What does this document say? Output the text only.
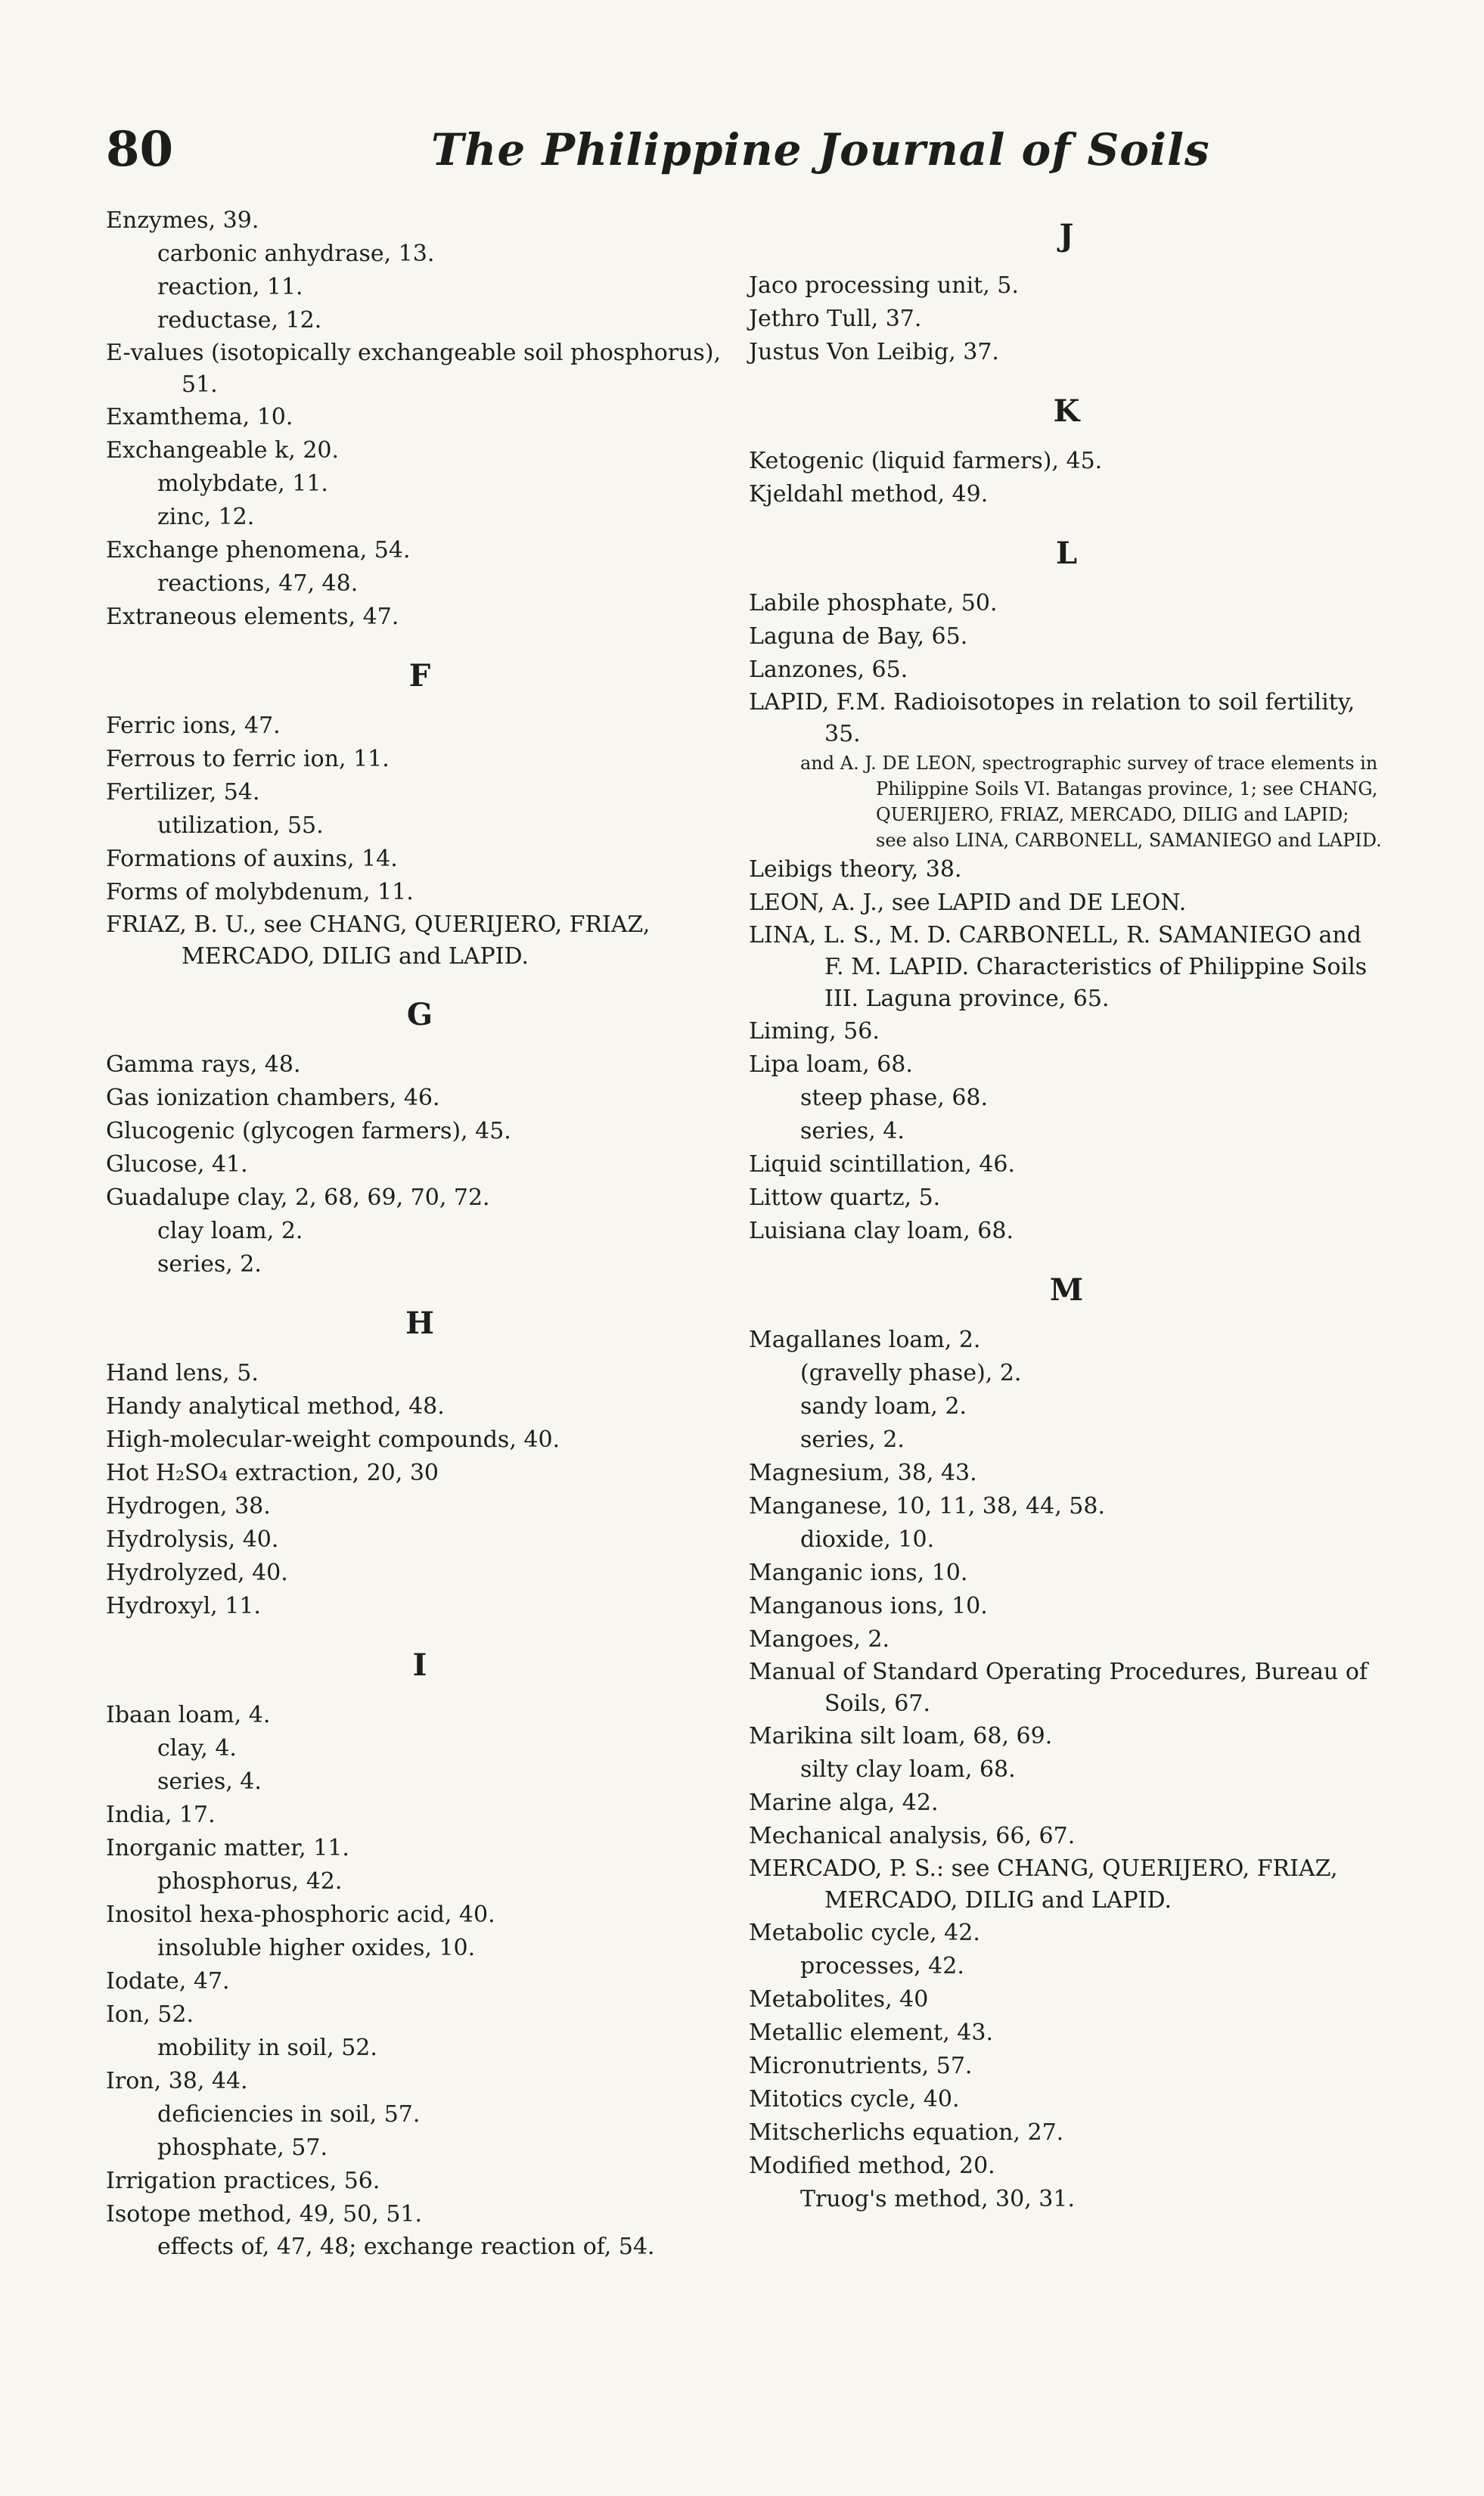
80	The Philippine Journal of Soils
Enzymes, 39.
carbonic anhydrase, 13.
reaction, 11.
reductase, 12.
E-values (isotopically exchangeable soil phosphorus), 51.
Examthema, 10.
Exchangeable k, 20.
molybdate, 11.
zinc, 12.
Exchange phenomena, 54.
reactions, 47, 48.
Extraneous elements, 47.
F
Ferric ions, 47.
Ferrous to ferric ion, 11.
Fertilizer, 54.
utilization, 55.
Formations of auxins, 14.
Forms of molybdenum, 11.
FRIAZ, B. U., see CHANG, QUERIJERO, FRIAZ, MERCADO, DILIG and LAPID.
G
Gamma rays, 48.
Gas ionization chambers, 46.
Glucogenic (glycogen farmers), 45.
Glucose, 41.
Guadalupe clay, 2, 68, 69, 70, 72.
clay loam, 2.
series, 2.
H
Hand lens, 5.
Handy analytical method, 48.
High-molecular-weight compounds, 40.
Hot H₂SO₄ extraction, 20, 30
Hydrogen, 38.
Hydrolysis, 40.
Hydrolyzed, 40.
Hydroxyl, 11.
I
Ibaan loam, 4.
clay, 4.
series, 4.
India, 17.
Inorganic matter, 11.
phosphorus, 42.
Inositol hexa-phosphoric acid, 40.
insoluble higher oxides, 10.
Iodate, 47.
Ion, 52.
mobility in soil, 52.
Iron, 38, 44.
deficiencies in soil, 57.
phosphate, 57.
Irrigation practices, 56.
Isotope method, 49, 50, 51.
effects of, 47, 48; exchange reaction of, 54.
J
Jaco processing unit, 5.
Jethro Tull, 37.
Justus Von Leibig, 37.
K
Ketogenic (liquid farmers), 45.
Kjeldahl method, 49.
L
Labile phosphate, 50.
Laguna de Bay, 65.
Lanzones, 65.
LAPID, F.M. Radioisotopes in relation to soil fertility, 35.
and A. J. DE LEON, spectrographic survey of trace elements in Philippine Soils VI. Batangas province, 1; see CHANG, QUERIJERO, FRIAZ, MERCADO, DILIG and LAPID; see also LINA, CARBONELL, SAMANIEGO and LAPID.
Leibigs theory, 38.
LEON, A. J., see LAPID and DE LEON.
LINA, L. S., M. D. CARBONELL, R. SAMANIEGO and F. M. LAPID. Characteristics of Philippine Soils III. Laguna province, 65.
Liming, 56.
Lipa loam, 68.
steep phase, 68.
series, 4.
Liquid scintillation, 46.
Littow quartz, 5.
Luisiana clay loam, 68.
M
Magallanes loam, 2.
(gravelly phase), 2.
sandy loam, 2.
series, 2.
Magnesium, 38, 43.
Manganese, 10, 11, 38, 44, 58.
dioxide, 10.
Manganic ions, 10.
Manganous ions, 10.
Mangoes, 2.
Manual of Standard Operating Procedures, Bureau of Soils, 67.
Marikina silt loam, 68, 69.
silty clay loam, 68.
Marine alga, 42.
Mechanical analysis, 66, 67.
MERCADO, P. S.: see CHANG, QUERIJERO, FRIAZ, MERCADO, DILIG and LAPID.
Metabolic cycle, 42.
processes, 42.
Metabolites, 40
Metallic element, 43.
Micronutrients, 57.
Mitotics cycle, 40.
Mitscherlichs equation, 27.
Modified method, 20.
Truog's method, 30, 31.
